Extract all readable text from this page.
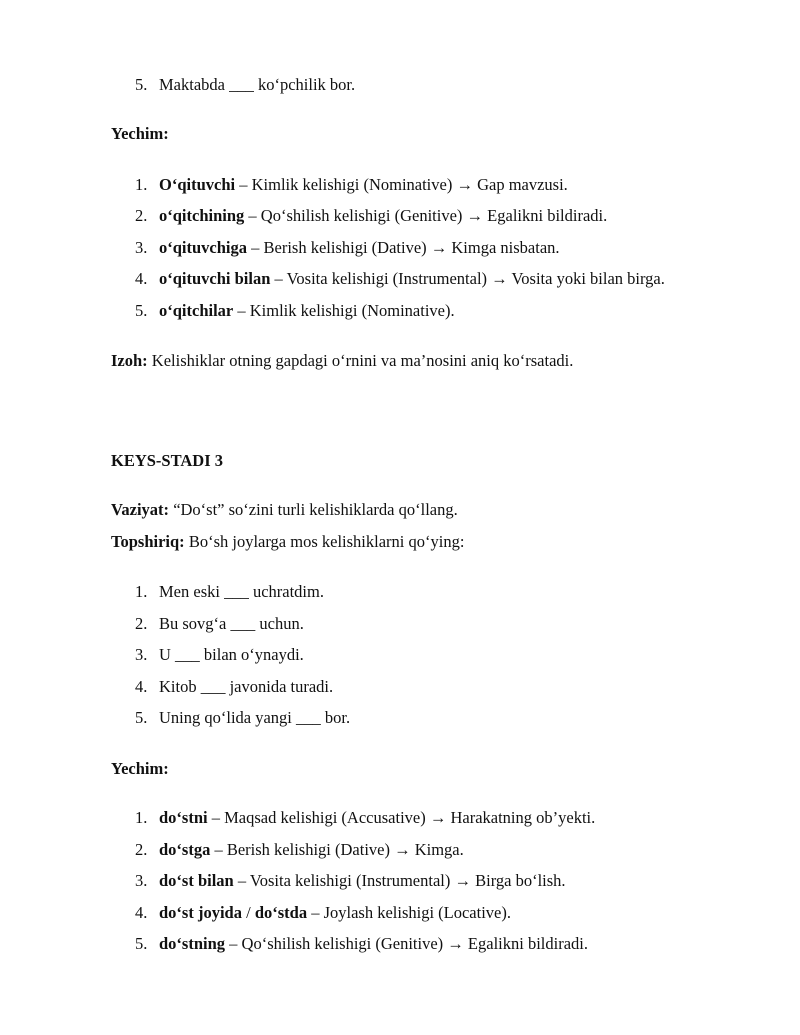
5. Maktabda ___ ko‘pchilik bor.
Yechim:
1. O‘qituvchi – Kimlik kelishigi (Nominative) → Gap mavzusi.
2. o‘qitchining – Qo‘shilish kelishigi (Genitive) → Egalikni bildiradi.
3. o‘qituvchiga – Berish kelishigi (Dative) → Kimga nisbatan.
4. o‘qituvchi bilan – Vosita kelishigi (Instrumental) → Vosita yoki bilan birga.
5. o‘qitchilar – Kimlik kelishigi (Nominative).
Izoh: Kelishiklar otning gapdagi o‘rnini va ma’nosini aniq ko‘rsatadi.
KEYS-STADI 3
Vaziyat: “Do‘st” so‘zini turli kelishiklarda qo‘llang.
Topshiriq: Bo‘sh joylarga mos kelishiklarni qo‘ying:
1. Men eski ___ uchratdim.
2. Bu sovg‘a ___ uchun.
3. U ___ bilan o‘ynaydi.
4. Kitob ___ javonida turadi.
5. Uning qo‘lida yangi ___ bor.
Yechim:
1. do‘stni – Maqsad kelishigi (Accusative) → Harakatning ob’yekti.
2. do‘stga – Berish kelishigi (Dative) → Kimga.
3. do‘st bilan – Vosita kelishigi (Instrumental) → Birga bo‘lish.
4. do‘st joyida / do‘stda – Joylash kelishigi (Locative).
5. do‘stning – Qo‘shilish kelishigi (Genitive) → Egalikni bildiradi.
